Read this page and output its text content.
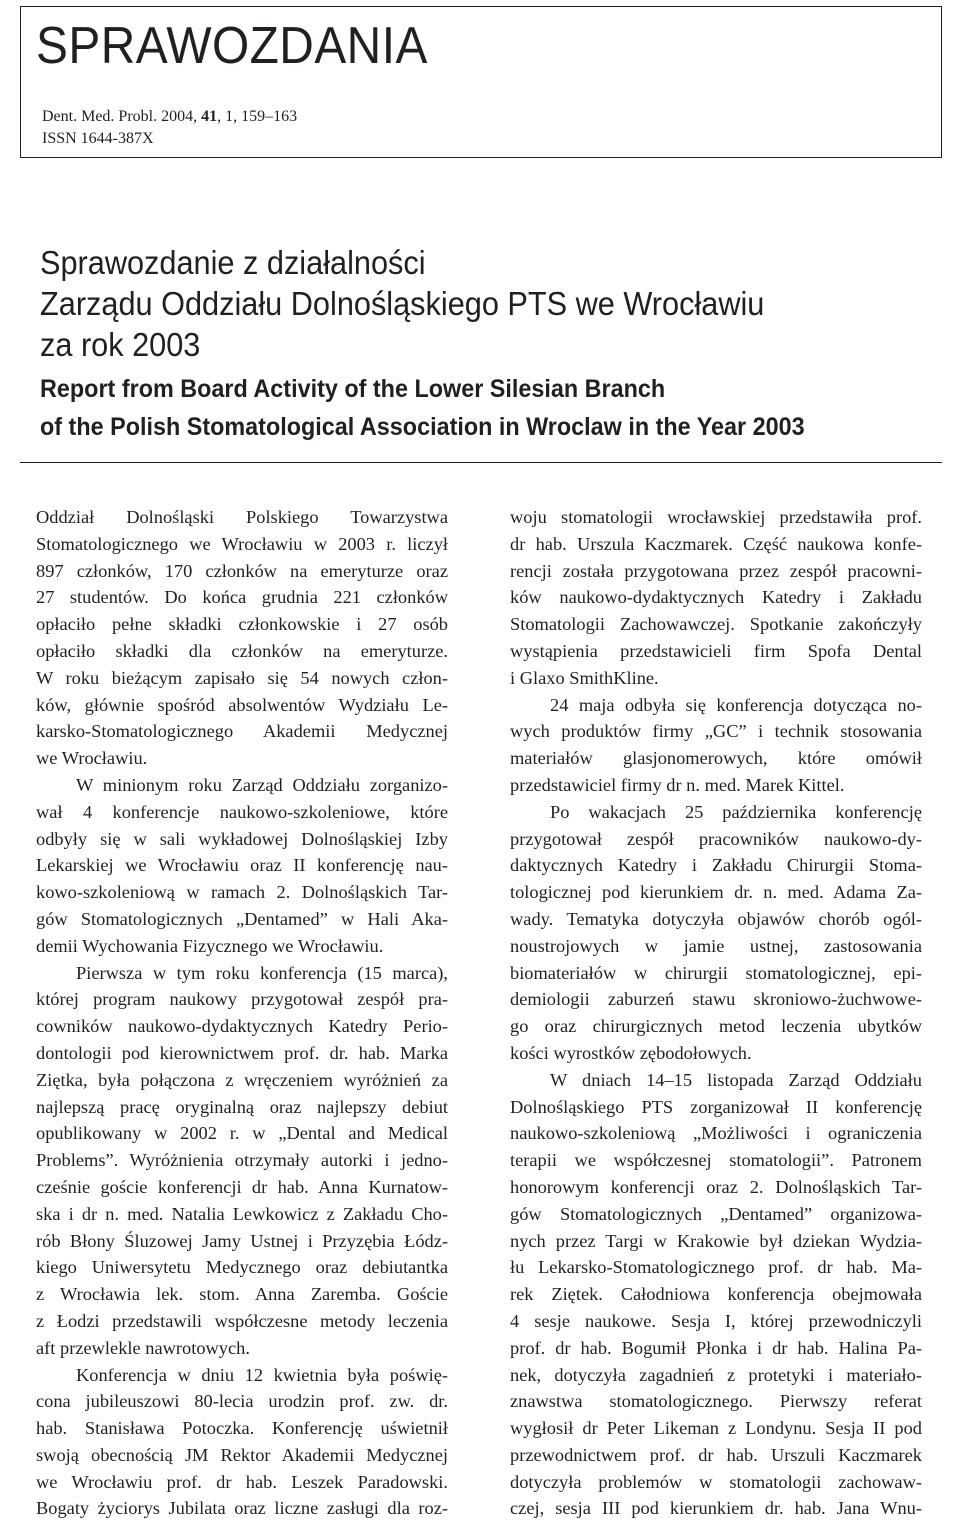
SPRAWOZDANIA
Dent. Med. Probl. 2004, 41, 1, 159–163
ISSN 1644-387X
Sprawozdanie z działalności
Zarządu Oddziału Dolnośląskiego PTS we Wrocławiu
za rok 2003
Report from Board Activity of the Lower Silesian Branch
of the Polish Stomatological Association in Wroclaw in the Year 2003

Oddział Dolnośląski Polskiego Towarzystwa
Stomatologicznego we Wrocławiu w 2003 r. liczył
897 członków, 170 członków na emeryturze oraz
27 studentów. Do końca grudnia 221 członków
opłaciło pełne składki członkowskie i 27 osób
opłaciło składki dla członków na emeryturze.
W roku bieżącym zapisało się 54 nowych człon-
ków, głównie spośród absolwentów Wydziału Le-
karsko-Stomatologicznego Akademii Medycznej
we Wrocławiu.

W minionym roku Zarząd Oddziału zorganizo-
wał 4 konferencje naukowo-szkoleniowe, które
odbyły się w sali wykładowej Dolnośląskiej Izby
Lekarskiej we Wrocławiu oraz II konferencję nau-
kowo-szkoleniową w ramach 2. Dolnośląskich Tar-
gów Stomatologicznych „Dentamed” w Hali Aka-
demii Wychowania Fizycznego we Wrocławiu.

Pierwsza w tym roku konferencja (15 marca),
której program naukowy przygotował zespół pra-
cowników naukowo-dydaktycznych Katedry Perio-
dontologii pod kierownictwem prof. dr. hab. Marka
Ziętka, była połączona z wręczeniem wyróżnień za
najlepszą pracę oryginalną oraz najlepszy debiut
opublikowany w 2002 r. w „Dental and Medical
Problems”. Wyróżnienia otrzymały autorki i jedno-
cześnie goście konferencji dr hab. Anna Kurnatow-
ska i dr n. med. Natalia Lewkowicz z Zakładu Cho-
rób Błony Śluzowej Jamy Ustnej i Przyzębia Łódz-
kiego Uniwersytetu Medycznego oraz debiutantka
z Wrocławia lek. stom. Anna Zaremba. Goście
z Łodzi przedstawili współczesne metody leczenia
aft przewlekle nawrotowych.

Konferencja w dniu 12 kwietnia była poświę-
cona jubileuszowi 80-lecia urodzin prof. zw. dr.
hab. Stanisława Potoczka. Konferencję uświetnił
swoją obecnością JM Rektor Akademii Medycznej
we Wrocławiu prof. dr hab. Leszek Paradowski.
Bogaty życiorys Jubilata oraz liczne zasługi dla roz-

woju stomatologii wrocławskiej przedstawiła prof.
dr hab. Urszula Kaczmarek. Część naukowa konfe-
rencji została przygotowana przez zespół pracowni-
ków naukowo-dydaktycznych Katedry i Zakładu
Stomatologii Zachowawczej. Spotkanie zakończyły
wystąpienia przedstawicieli firm Spofa Dental
i Glaxo SmithKline.

24 maja odbyła się konferencja dotycząca no-
wych produktów firmy „GC” i technik stosowania
materiałów glasjonomerowych, które omówił
przedstawiciel firmy dr n. med. Marek Kittel.

Po wakacjach 25 października konferencję
przygotował zespół pracowników naukowo-dy-
daktycznych Katedry i Zakładu Chirurgii Stoma-
tologicznej pod kierunkiem dr. n. med. Adama Za-
wady. Tematyka dotyczyła objawów chorób ogól-
noustrojowych w jamie ustnej, zastosowania
biomateriałów w chirurgii stomatologicznej, epi-
demiologii zaburzeń stawu skroniowo-żuchwowe-
go oraz chirurgicznych metod leczenia ubytków
kości wyrostków zębodołowych.

W dniach 14–15 listopada Zarząd Oddziału
Dolnośląskiego PTS zorganizował II konferencję
naukowo-szkoleniową „Możliwości i ograniczenia
terapii we współczesnej stomatologii”. Patronem
honorowym konferencji oraz 2. Dolnośląskich Tar-
gów Stomatologicznych „Dentamed” organizowa-
nych przez Targi w Krakowie był dziekan Wydzia-
łu Lekarsko-Stomatologicznego prof. dr hab. Ma-
rek Ziętek. Całodniowa konferencja obejmowała
4 sesje naukowe. Sesja I, której przewodniczyli
prof. dr hab. Bogumił Płonka i dr hab. Halina Pa-
nek, dotyczyła zagadnień z protetyki i materiało-
znawstwa stomatologicznego. Pierwszy referat
wygłosił dr Peter Likeman z Londynu. Sesja II pod
przewodnictwem prof. dr hab. Urszuli Kaczmarek
dotyczyła problemów w stomatologii zachowaw-
czej, sesja III pod kierunkiem dr. hab. Jana Wnu-
